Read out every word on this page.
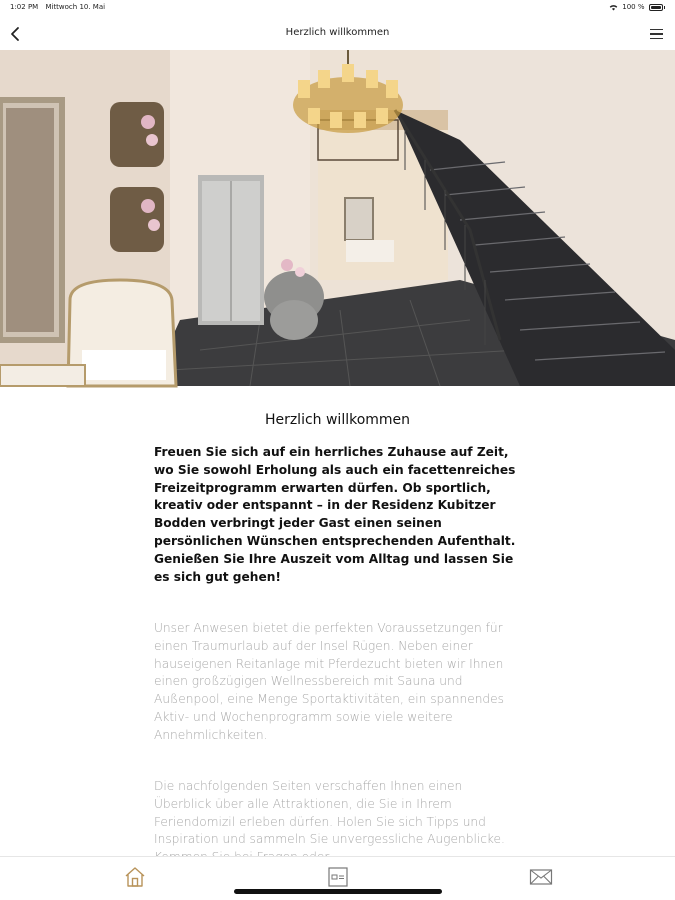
1:02 PM Mittwoch 10. Mai	100 %
Herzlich willkommen
Herzlich willkommen
Freuen Sie sich auf ein herrliches Zuhause auf Zeit, wo Sie sowohl Erholung als auch ein facettenreiches Freizeitprogramm erwarten dürfen. Ob sportlich, kreativ oder entspannt – in der Residenz Kubitzer Bodden verbringt jeder Gast einen seinen persönlichen Wünschen entsprechenden Aufenthalt. Genießen Sie Ihre Auszeit vom Alltag und lassen Sie es sich gut gehen!
Unser Anwesen bietet die perfekten Voraussetzungen für einen Traumurlaub auf der Insel Rügen. Neben einer hauseigenen Reitanlage mit Pferdezucht bieten wir Ihnen einen großzügigen Wellnessbereich mit Sauna und Außenpool, eine Menge Sportaktivitäten, ein spannendes Aktiv- und Wochenprogramm sowie viele weitere Annehmlichkeiten.
Die nachfolgenden Seiten verschaffen Ihnen einen Überblick über alle Attraktionen, die Sie in Ihrem Feriendomizil erleben dürfen. Holen Sie sich Tipps und Inspiration und sammeln Sie unvergessliche Augenblicke.
